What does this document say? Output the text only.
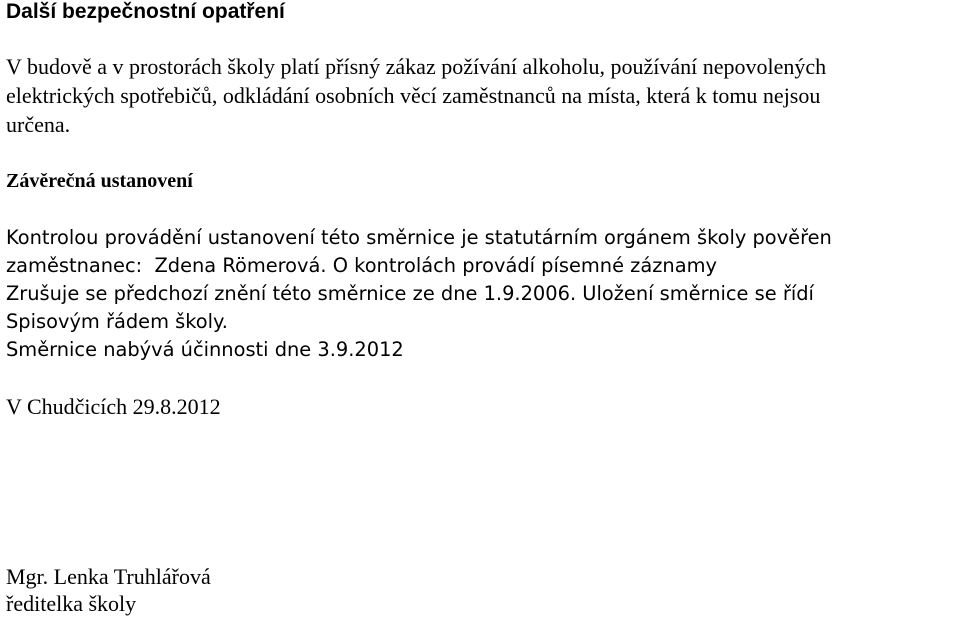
Další bezpečnostní opatření
V budově a v prostorách školy platí přísný zákaz požívání alkoholu, používání nepovolených
elektrických spotřebičů, odkládání osobních věcí zaměstnanců na místa, která k tomu nejsou
určena.
Závěrečná ustanovení
Kontrolou provádění ustanovení této směrnice je statutárním orgánem školy pověřen
zaměstnanec:  Zdena Römerová. O kontrolách provádí písemné záznamy
Zrušuje se předchozí znění této směrnice ze dne 1.9.2006. Uložení směrnice se řídí
Spisovým řádem školy.
Směrnice nabývá účinnosti dne 3.9.2012
V Chudčicích 29.8.2012
Mgr. Lenka Truhlářová
ředitelka školy
